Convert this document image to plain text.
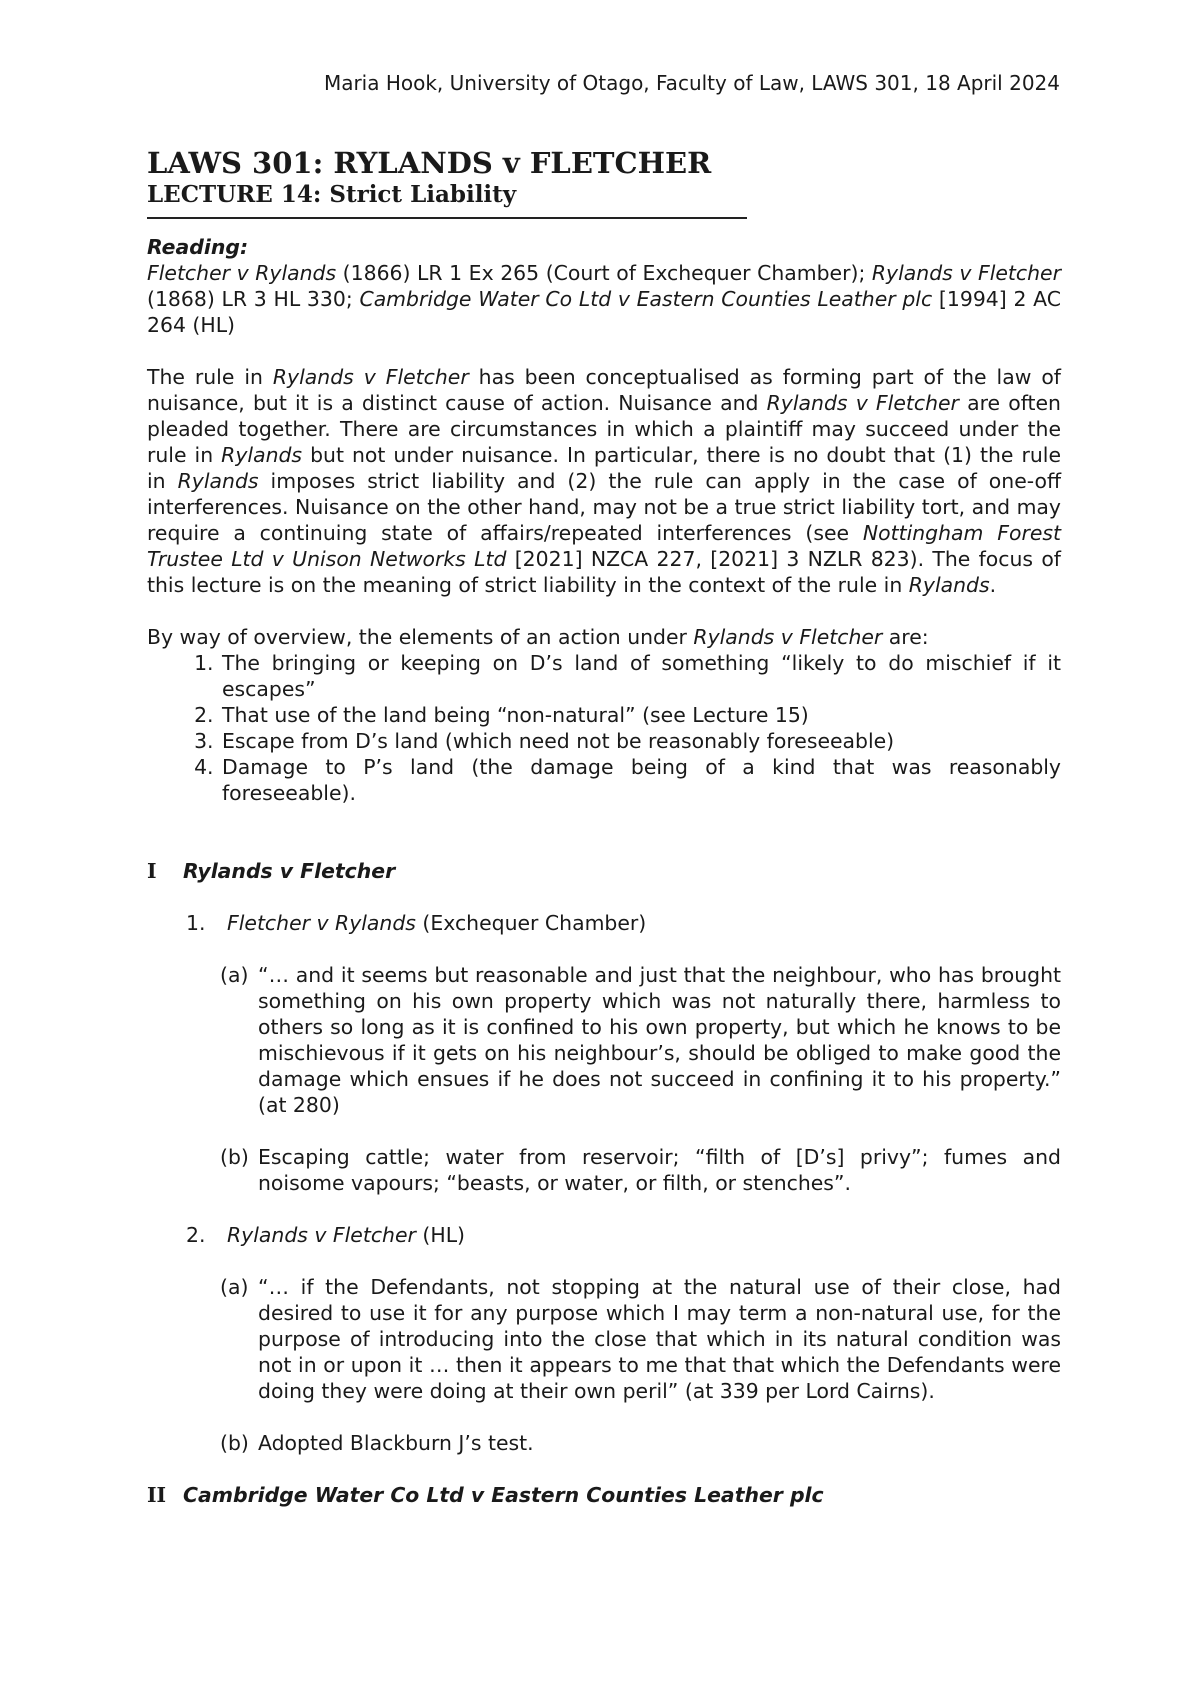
Maria Hook, University of Otago, Faculty of Law, LAWS 301, 18 April 2024
LAWS 301: RYLANDS v FLETCHER
LECTURE 14: Strict Liability

Reading:

Fletcher v Rylands (1866) LR 1 Ex 265 (Court of Exchequer Chamber); Rylands v Fletcher (1868) LR 3 HL 330; Cambridge Water Co Ltd v Eastern Counties Leather plc [1994] 2 AC 264 (HL)

The rule in Rylands v Fletcher has been conceptualised as forming part of the law of nuisance, but it is a distinct cause of action. Nuisance and Rylands v Fletcher are often pleaded together. There are circumstances in which a plaintiff may succeed under the rule in Rylands but not under nuisance. In particular, there is no doubt that (1) the rule in Rylands imposes strict liability and (2) the rule can apply in the case of one-off interferences. Nuisance on the other hand, may not be a true strict liability tort, and may require a continuing state of affairs/repeated interferences (see Nottingham Forest Trustee Ltd v Unison Networks Ltd [2021] NZCA 227, [2021] 3 NZLR 823). The focus of this lecture is on the meaning of strict liability in the context of the rule in Rylands.

By way of overview, the elements of an action under Rylands v Fletcher are:

1. The bringing or keeping on D’s land of something “likely to do mischief if it escapes”
2. That use of the land being “non-natural” (see Lecture 15)
3. Escape from D’s land (which need not be reasonably foreseeable)
4. Damage to P’s land (the damage being of a kind that was reasonably foreseeable).
I	Rylands v Fletcher
1.	Fletcher v Rylands (Exchequer Chamber)
(a) “… and it seems but reasonable and just that the neighbour, who has brought something on his own property which was not naturally there, harmless to others so long as it is confined to his own property, but which he knows to be mischievous if it gets on his neighbour’s, should be obliged to make good the damage which ensues if he does not succeed in confining it to his property.” (at 280)
(b) Escaping cattle; water from reservoir; “filth of [D’s] privy”; fumes and noisome vapours; “beasts, or water, or filth, or stenches”.
2.	Rylands v Fletcher (HL)
(a) “… if the Defendants, not stopping at the natural use of their close, had desired to use it for any purpose which I may term a non-natural use, for the purpose of introducing into the close that which in its natural condition was not in or upon it … then it appears to me that that which the Defendants were doing they were doing at their own peril” (at 339 per Lord Cairns).
(b) Adopted Blackburn J’s test.
II Cambridge Water Co Ltd v Eastern Counties Leather plc
